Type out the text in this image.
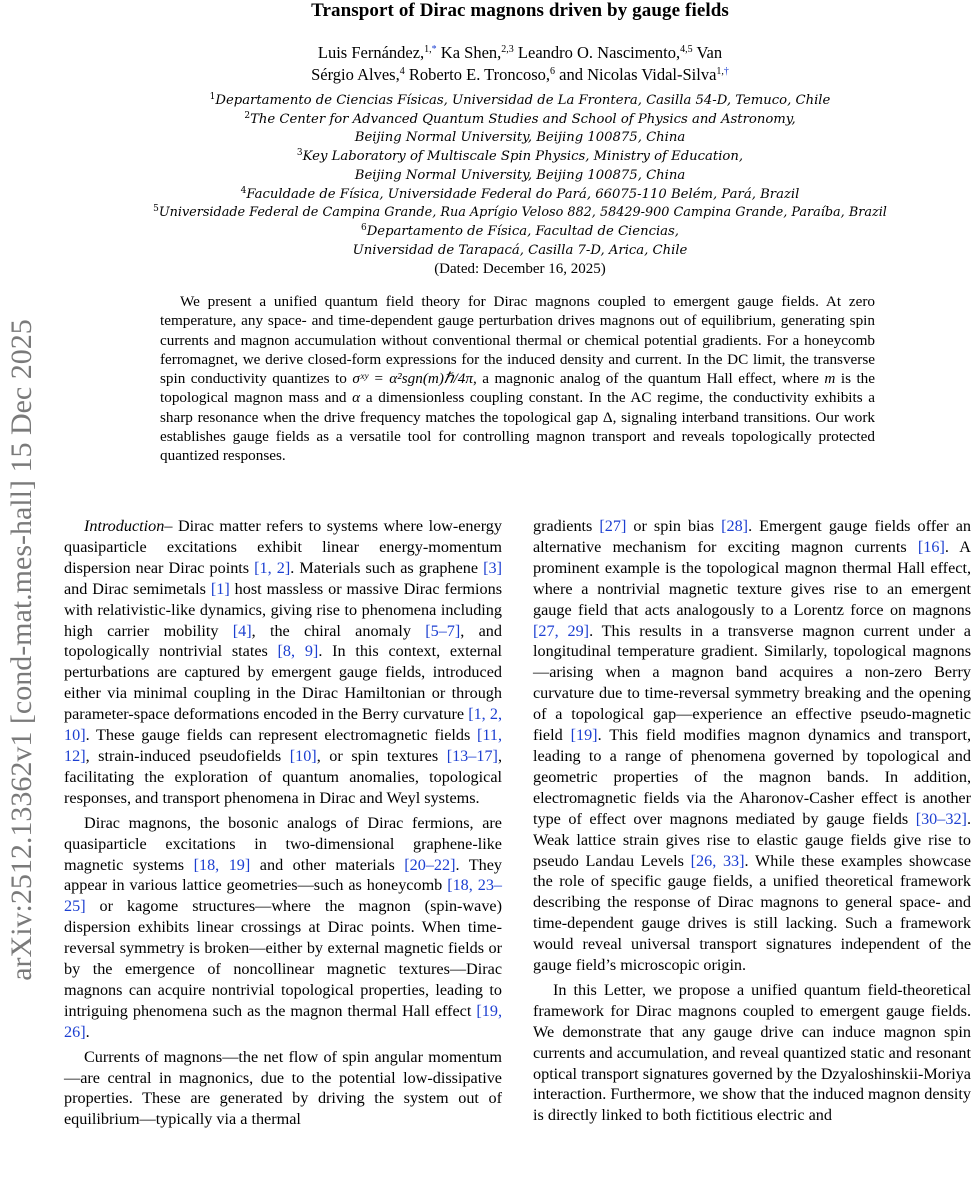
arXiv:2512.13362v1 [cond-mat.mes-hall] 15 Dec 2025
Transport of Dirac magnons driven by gauge fields
Luis Fernández,$^{1,*}$ Ka Shen,$^{2,3}$ Leandro O. Nascimento,$^{4,5}$ Van
Sérgio Alves,$^4$ Roberto E. Troncoso,$^6$ and Nicolas Vidal-Silva$^{1,\dagger}$
$^1$Departamento de Ciencias Físicas, Universidad de La Frontera, Casilla 54-D, Temuco, Chile
$^2$The Center for Advanced Quantum Studies and School of Physics and Astronomy,
Beijing Normal University, Beijing 100875, China
$^3$Key Laboratory of Multiscale Spin Physics, Ministry of Education,
Beijing Normal University, Beijing 100875, China
$^4$Faculdade de Física, Universidade Federal do Pará, 66075-110 Belém, Pará, Brazil
$^5$Universidade Federal de Campina Grande, Rua Aprígio Veloso 882, 58429-900 Campina Grande, Paraíba, Brazil
$^6$Departamento de Física, Facultad de Ciencias,
Universidad de Tarapacá, Casilla 7-D, Arica, Chile
(Dated: December 16, 2025)
We present a unified quantum field theory for Dirac magnons coupled to emergent gauge fields. At zero temperature, any space- and time-dependent gauge perturbation drives magnons out of equilibrium, generating spin currents and magnon accumulation without conventional thermal or chemical potential gradients. For a honeycomb ferromagnet, we derive closed-form expressions for the induced density and current. In the DC limit, the transverse spin conductivity quantizes to σˣʸ = α²sgn(m)ℏ/4π, a magnonic analog of the quantum Hall effect, where m is the topological magnon mass and α a dimensionless coupling constant. In the AC regime, the conductivity exhibits a sharp resonance when the drive frequency matches the topological gap Δ, signaling interband transitions. Our work establishes gauge fields as a versatile tool for controlling magnon transport and reveals topologically protected quantized responses.

Introduction– Dirac matter refers to systems where low-energy quasiparticle excitations exhibit linear energy-momentum dispersion near Dirac points [1, 2]. Materials such as graphene [3] and Dirac semimetals [1] host massless or massive Dirac fermions with relativistic-like dynamics, giving rise to phenomena including high carrier mobility [4], the chiral anomaly [5–7], and topologically nontrivial states [8, 9]. In this context, external perturbations are captured by emergent gauge fields, introduced either via minimal coupling in the Dirac Hamiltonian or through parameter-space deformations encoded in the Berry curvature [1, 2, 10]. These gauge fields can represent electromagnetic fields [11, 12], strain-induced pseudofields [10], or spin textures [13–17], facilitating the exploration of quantum anomalies, topological responses, and transport phenomena in Dirac and Weyl systems.

Dirac magnons, the bosonic analogs of Dirac fermions, are quasiparticle excitations in two-dimensional graphene-like magnetic systems [18, 19] and other materials [20–22]. They appear in various lattice geometries—such as honeycomb [18, 23–25] or kagome structures—where the magnon (spin-wave) dispersion exhibits linear crossings at Dirac points. When time-reversal symmetry is broken—either by external magnetic fields or by the emergence of noncollinear magnetic textures—Dirac magnons can acquire nontrivial topological properties, leading to intriguing phenomena such as the magnon thermal Hall effect [19, 26].

Currents of magnons—the net flow of spin angular momentum—are central in magnonics, due to the potential low-dissipative properties. These are generated by driving the system out of equilibrium—typically via a thermal

gradients [27] or spin bias [28]. Emergent gauge fields offer an alternative mechanism for exciting magnon currents [16]. A prominent example is the topological magnon thermal Hall effect, where a nontrivial magnetic texture gives rise to an emergent gauge field that acts analogously to a Lorentz force on magnons [27, 29]. This results in a transverse magnon current under a longitudinal temperature gradient. Similarly, topological magnons—arising when a magnon band acquires a non-zero Berry curvature due to time-reversal symmetry breaking and the opening of a topological gap—experience an effective pseudo-magnetic field [19]. This field modifies magnon dynamics and transport, leading to a range of phenomena governed by topological and geometric properties of the magnon bands. In addition, electromagnetic fields via the Aharonov-Casher effect is another type of effect over magnons mediated by gauge fields [30–32]. Weak lattice strain gives rise to elastic gauge fields give rise to pseudo Landau Levels [26, 33]. While these examples showcase the role of specific gauge fields, a unified theoretical framework describing the response of Dirac magnons to general space- and time-dependent gauge drives is still lacking. Such a framework would reveal universal transport signatures independent of the gauge field’s microscopic origin.

In this Letter, we propose a unified quantum field-theoretical framework for Dirac magnons coupled to emergent gauge fields. We demonstrate that any gauge drive can induce magnon spin currents and accumulation, and reveal quantized static and resonant optical transport signatures governed by the Dzyaloshinskii-Moriya interaction. Furthermore, we show that the induced magnon density is directly linked to both fictitious electric and
